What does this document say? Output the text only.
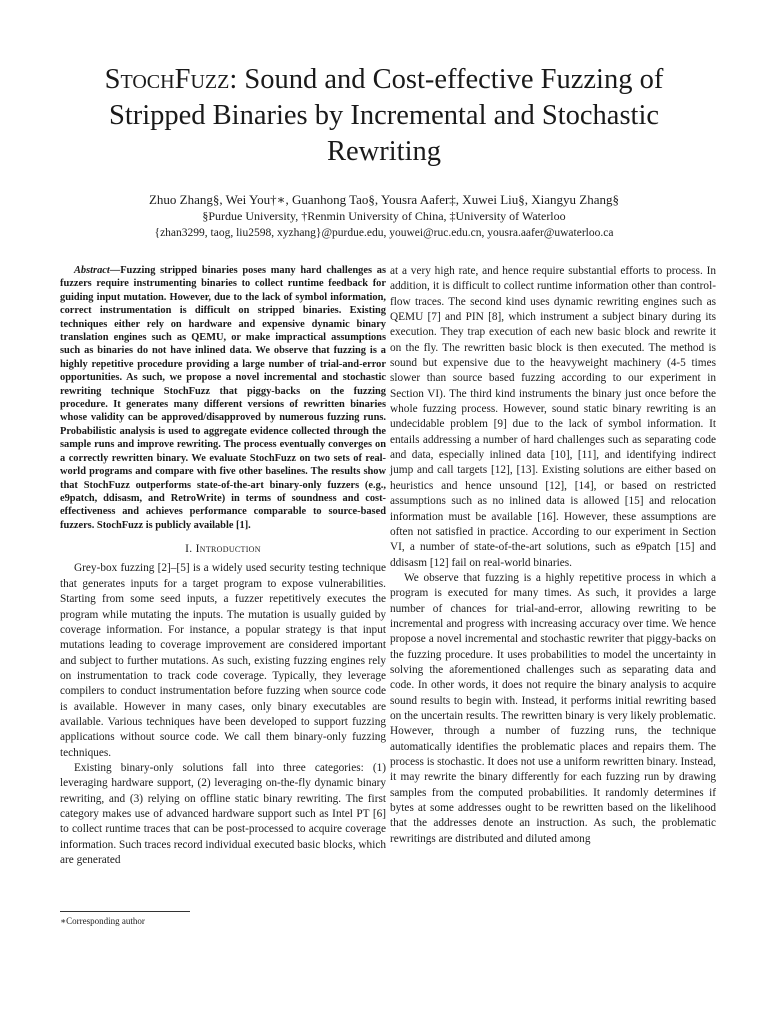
StochFuzz: Sound and Cost-effective Fuzzing of Stripped Binaries by Incremental and Stochastic Rewriting
Zhuo Zhang§, Wei You†∗, Guanhong Tao§, Yousra Aafer‡, Xuwei Liu§, Xiangyu Zhang§
§Purdue University, †Renmin University of China, ‡University of Waterloo
{zhan3299, taog, liu2598, xyzhang}@purdue.edu, youwei@ruc.edu.cn, yousra.aafer@uwaterloo.ca

Abstract—Fuzzing stripped binaries poses many hard challenges as fuzzers require instrumenting binaries to collect runtime feedback for guiding input mutation. However, due to the lack of symbol information, correct instrumentation is difficult on stripped binaries. Existing techniques either rely on hardware and expensive dynamic binary translation engines such as QEMU, or make impractical assumptions such as binaries do not have inlined data. We observe that fuzzing is a highly repetitive procedure providing a large number of trial-and-error opportunities. As such, we propose a novel incremental and stochastic rewriting technique StochFuzz that piggy-backs on the fuzzing procedure. It generates many different versions of rewritten binaries whose validity can be approved/disapproved by numerous fuzzing runs. Probabilistic analysis is used to aggregate evidence collected through the sample runs and improve rewriting. The process eventually converges on a correctly rewritten binary. We evaluate StochFuzz on two sets of real-world programs and compare with five other baselines. The results show that StochFuzz outperforms state-of-the-art binary-only fuzzers (e.g., e9patch, ddisasm, and RetroWrite) in terms of soundness and cost-effectiveness and achieves performance comparable to source-based fuzzers. StochFuzz is publicly available [1].

I. Introduction

Grey-box fuzzing [2]–[5] is a widely used security testing technique that generates inputs for a target program to expose vulnerabilities. Starting from some seed inputs, a fuzzer repetitively executes the program while mutating the inputs. The mutation is usually guided by coverage information. For instance, a popular strategy is that input mutations leading to coverage improvement are considered important and subject to further mutations. As such, existing fuzzing engines rely on instrumentation to track code coverage. Typically, they leverage compilers to conduct instrumentation before fuzzing when source code is available. However in many cases, only binary executables are available. Various techniques have been developed to support fuzzing applications without source code. We call them binary-only fuzzing techniques.

Existing binary-only solutions fall into three categories: (1) leveraging hardware support, (2) leveraging on-the-fly dynamic binary rewriting, and (3) relying on offline static binary rewriting. The first category makes use of advanced hardware support such as Intel PT [6] to collect runtime traces that can be post-processed to acquire coverage information. Such traces record individual executed basic blocks, which are generated

at a very high rate, and hence require substantial efforts to process. In addition, it is difficult to collect runtime information other than control-flow traces. The second kind uses dynamic rewriting engines such as QEMU [7] and PIN [8], which instrument a subject binary during its execution. They trap execution of each new basic block and rewrite it on the fly. The rewritten basic block is then executed. The method is sound but expensive due to the heavyweight machinery (4-5 times slower than source based fuzzing according to our experiment in Section VI). The third kind instruments the binary just once before the whole fuzzing process. However, sound static binary rewriting is an undecidable problem [9] due to the lack of symbol information. It entails addressing a number of hard challenges such as separating code and data, especially inlined data [10], [11], and identifying indirect jump and call targets [12], [13]. Existing solutions are either based on heuristics and hence unsound [12], [14], or based on restricted assumptions such as no inlined data is allowed [15] and relocation information must be available [16]. However, these assumptions are often not satisfied in practice. According to our experiment in Section VI, a number of state-of-the-art solutions, such as e9patch [15] and ddisasm [12] fail on real-world binaries.

We observe that fuzzing is a highly repetitive process in which a program is executed for many times. As such, it provides a large number of chances for trial-and-error, allowing rewriting to be incremental and progress with increasing accuracy over time. We hence propose a novel incremental and stochastic rewriter that piggy-backs on the fuzzing procedure. It uses probabilities to model the uncertainty in solving the aforementioned challenges such as separating data and code. In other words, it does not require the binary analysis to acquire sound results to begin with. Instead, it performs initial rewriting based on the uncertain results. The rewritten binary is very likely problematic. However, through a number of fuzzing runs, the technique automatically identifies the problematic places and repairs them. The process is stochastic. It does not use a uniform rewritten binary. Instead, it may rewrite the binary differently for each fuzzing run by drawing samples from the computed probabilities. It randomly determines if bytes at some addresses ought to be rewritten based on the likelihood that the addresses denote an instruction. As such, the problematic rewritings are distributed and diluted among

∗Corresponding author
